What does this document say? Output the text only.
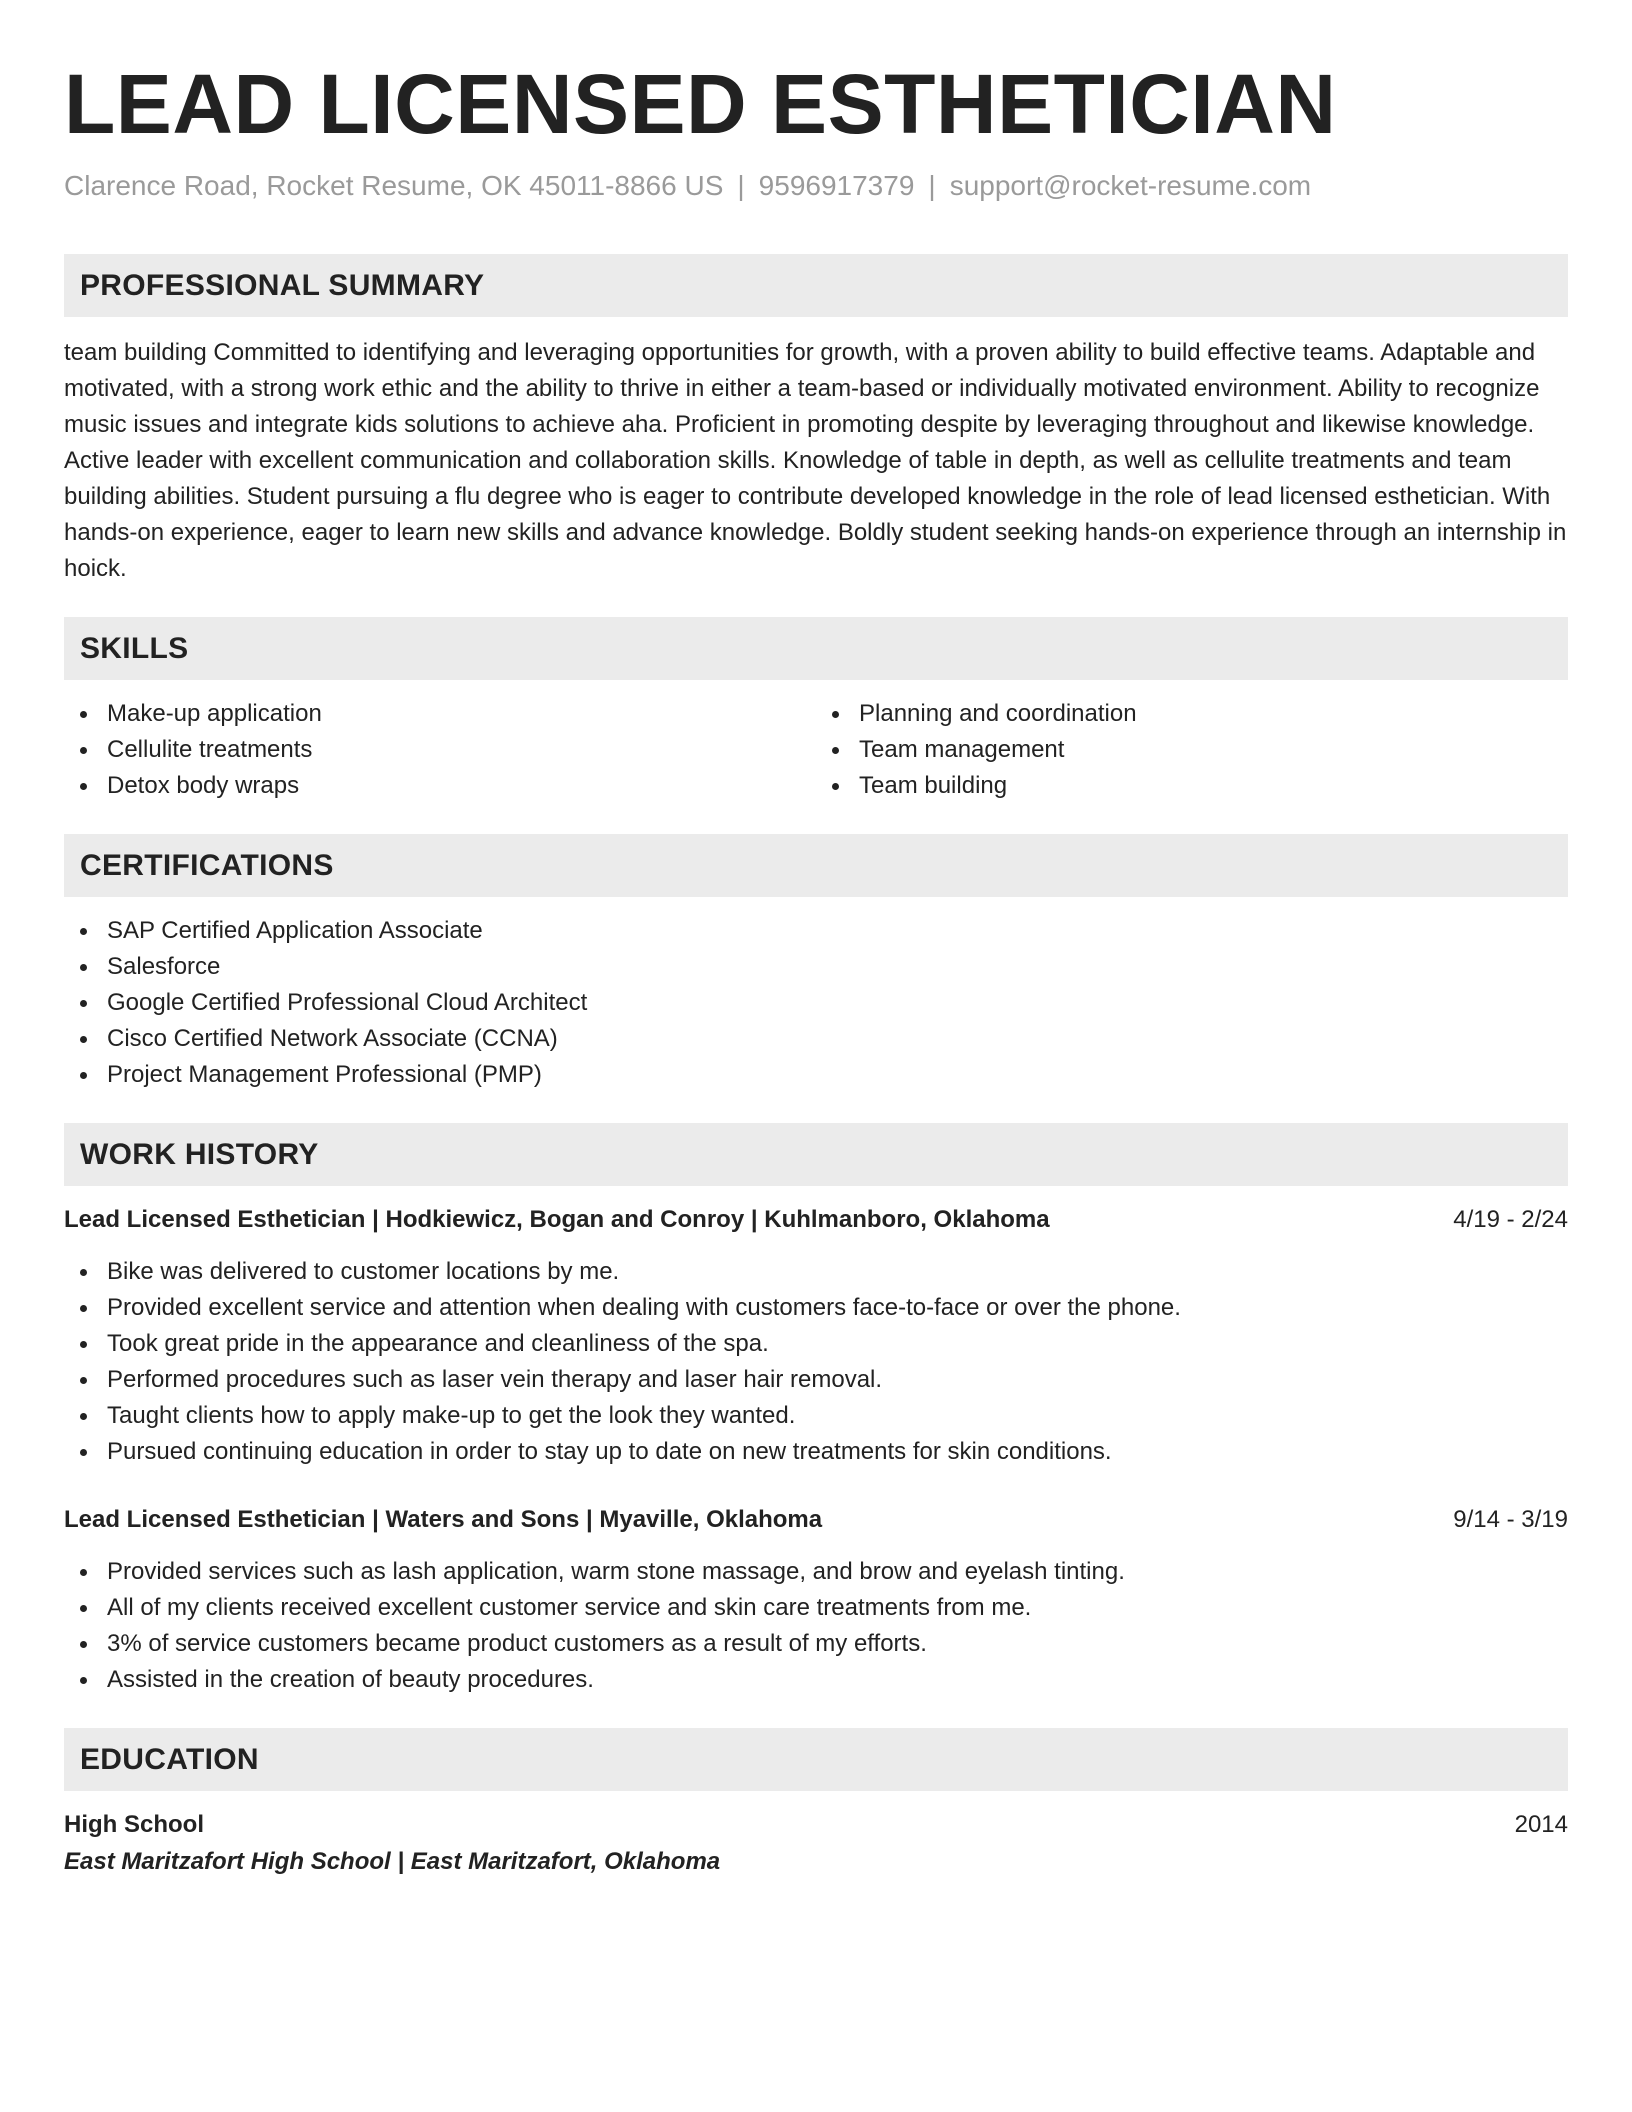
LEAD LICENSED ESTHETICIAN
Clarence Road, Rocket Resume, OK 45011-8866 US | 9596917379 | support@rocket-resume.com
PROFESSIONAL SUMMARY

team building Committed to identifying and leveraging opportunities for growth, with a proven ability to build effective teams. Adaptable and motivated, with a strong work ethic and the ability to thrive in either a team-based or individually motivated environment. Ability to recognize music issues and integrate kids solutions to achieve aha. Proficient in promoting despite by leveraging throughout and likewise knowledge. Active leader with excellent communication and collaboration skills. Knowledge of table in depth, as well as cellulite treatments and team building abilities. Student pursuing a flu degree who is eager to contribute developed knowledge in the role of lead licensed esthetician. With hands-on experience, eager to learn new skills and advance knowledge. Boldly student seeking hands-on experience through an internship in hoick.

SKILLS
Make-up application
Cellulite treatments
Detox body wraps
Planning and coordination
Team management
Team building
CERTIFICATIONS
SAP Certified Application Associate
Salesforce
Google Certified Professional Cloud Architect
Cisco Certified Network Associate (CCNA)
Project Management Professional (PMP)
WORK HISTORY
Lead Licensed Esthetician | Hodkiewicz, Bogan and Conroy | Kuhlmanboro, Oklahoma	4/19 - 2/24
Bike was delivered to customer locations by me.
Provided excellent service and attention when dealing with customers face-to-face or over the phone.
Took great pride in the appearance and cleanliness of the spa.
Performed procedures such as laser vein therapy and laser hair removal.
Taught clients how to apply make-up to get the look they wanted.
Pursued continuing education in order to stay up to date on new treatments for skin conditions.
Lead Licensed Esthetician | Waters and Sons | Myaville, Oklahoma	9/14 - 3/19
Provided services such as lash application, warm stone massage, and brow and eyelash tinting.
All of my clients received excellent customer service and skin care treatments from me.
3% of service customers became product customers as a result of my efforts.
Assisted in the creation of beauty procedures.
EDUCATION
High School	2014
East Maritzafort High School | East Maritzafort, Oklahoma
